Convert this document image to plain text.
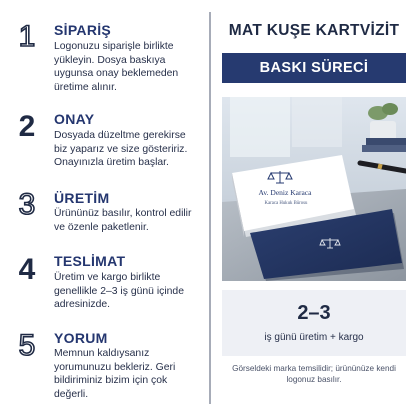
1	SİPARİŞ
Logonuzu siparişle birlikte
yükleyin. Dosya baskıya
uygunsa onay beklemeden
üretime alınır.
2	ONAY
Dosyada düzeltme gerekirse
biz yaparız ve size gösteririz.
Onayınızla üretim başlar.
3	ÜRETİM
Ürününüz basılır, kontrol edilir
ve özenle paketlenir.
4	TESLİMAT
Üretim ve kargo birlikte
genellikle 2–3 iş günü içinde
adresinizde.
5	YORUM
Memnun kaldıysanız
yorumunuzu bekleriz. Geri
bildiriminiz bizim için çok
değerli.
MAT KUŞE KARTVİZİT
BASKI SÜRECİ
Av. Deniz Karaca
Karaca Hukuk Bürosu
2–3
iş günü üretim + kargo
Görseldeki marka temsilidir; ürününüze kendi
logonuz basılır.
